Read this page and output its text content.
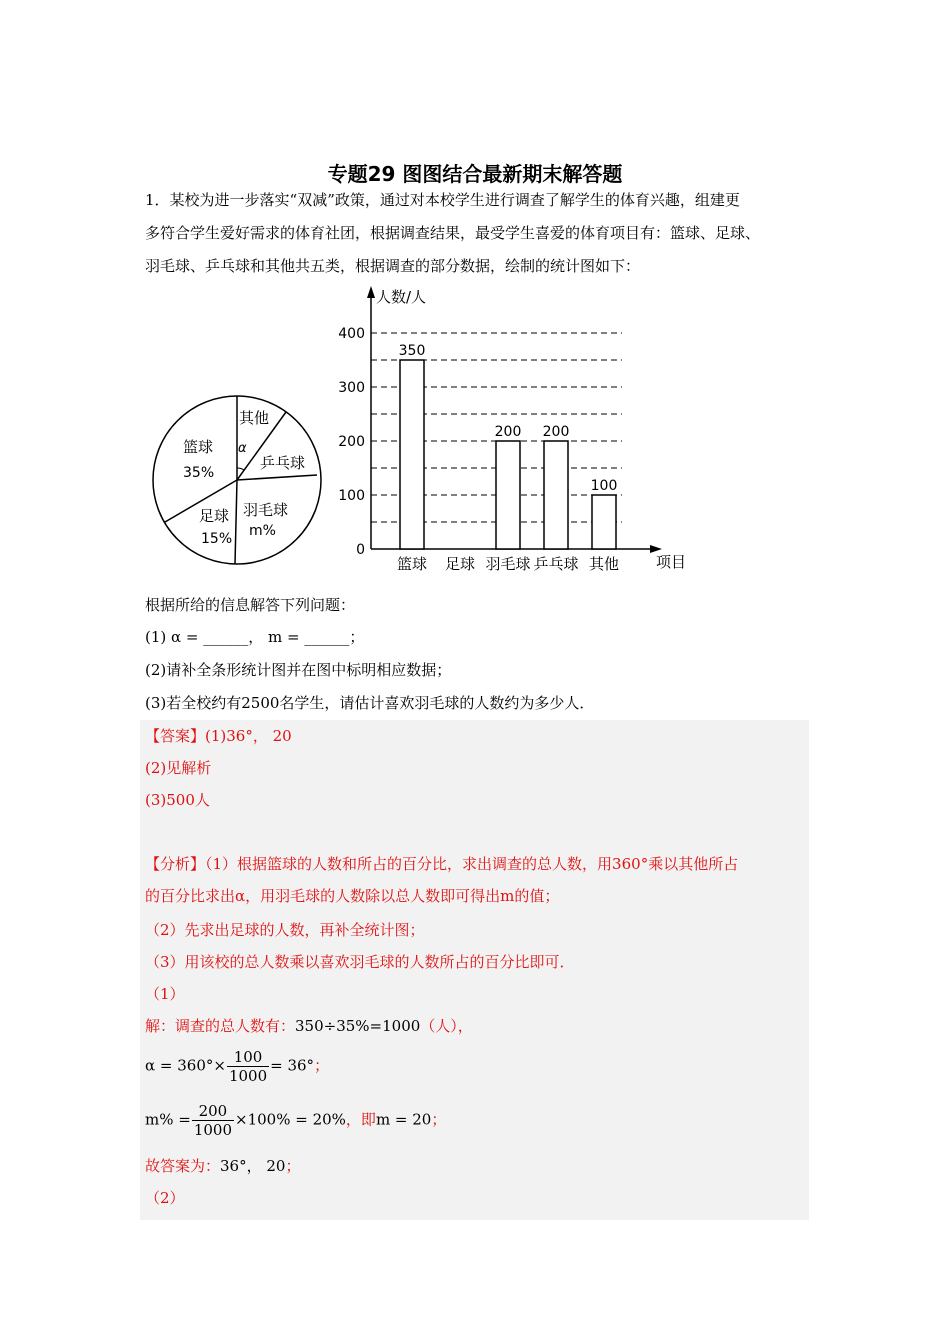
专题29 图图结合最新期末解答题
1．某校为进一步落实“双减”政策，通过对本校学生进行调查了解学生的体育兴趣，组建更
多符合学生爱好需求的体育社团，根据调查结果，最受学生喜爱的体育项目有：篮球、足球、
羽毛球、乒乓球和其他共五类，根据调查的部分数据，绘制的统计图如下：
其他
α
乒乓球
篮球
35%
足球
15%
羽毛球
m%
人数/人
项目
0
100
200
300
400
篮球 足球 羽毛球 乒乓球 其他
350
200 200
100
根据所给的信息解答下列问题：
(1) α = ______， m = ______；
(2)请补全条形统计图并在图中标明相应数据；
(3)若全校约有2500名学生，请估计喜欢羽毛球的人数约为多少人．
【答案】(1)36°， 20
(2)见解析
(3)500人
【分析】（1）根据篮球的人数和所占的百分比，求出调查的总人数，用360°乘以其他所占
的百分比求出α，用羽毛球的人数除以总人数即可得出m的值；
（2）先求出足球的人数，再补全统计图；
（3）用该校的总人数乘以喜欢羽毛球的人数所占的百分比即可．
（1）
解：调查的总人数有：350÷35%=1000（人），
$\alpha = 360^\circ\times \frac{100}{1000} = 36^\circ$；
$m\% = \frac{200}{1000} \times 100\% = 20\%$，即m = 20；
故答案为：36°， 20；
（2）
